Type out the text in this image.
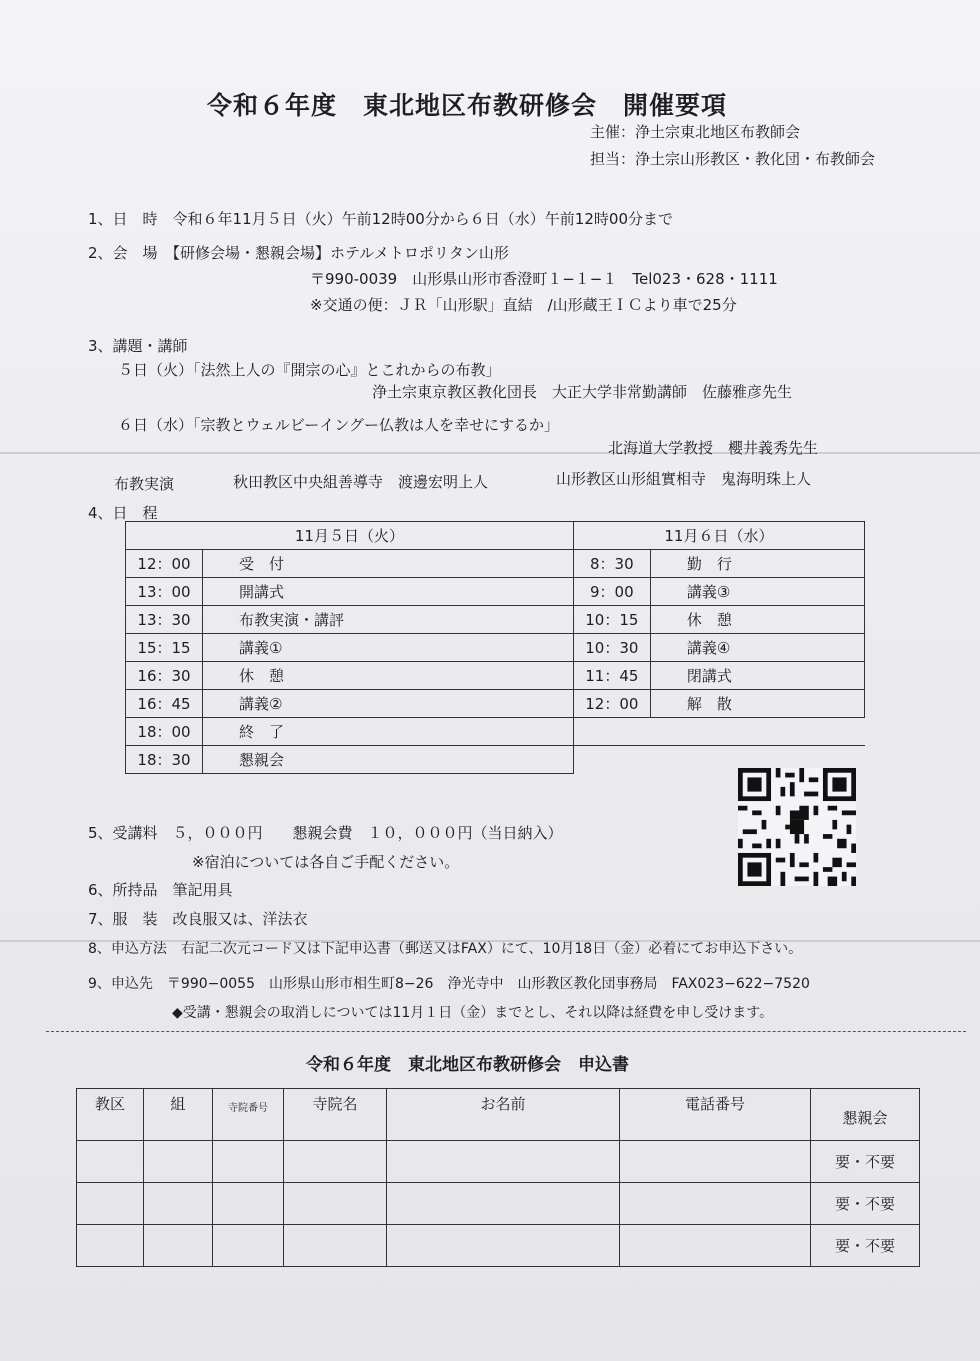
令和６年度　東北地区布教研修会　開催要項
主催：浄土宗東北地区布教師会
担当：浄土宗山形教区・教化団・布教師会
1、日　時　令和６年11月５日（火）午前12時00分から６日（水）午前12時00分まで
2、会　場　【研修会場・懇親会場】ホテルメトロポリタン山形
〒990-0039　山形県山形市香澄町１−１−１　Tel023・628・1111
※交通の便：ＪＲ「山形駅」直結　/山形蔵王ＩＣより車で25分
3、講題・講師
５日（火）「法然上人の『開宗の心』とこれからの布教」
浄土宗東京教区教化団長　大正大学非常勤講師　佐藤雅彦先生
６日（水）「宗教とウェルビーイングー仏教は人を幸せにするか」
北海道大学教授　櫻井義秀先生
布教実演	秋田教区中央組善導寺　渡邊宏明上人	山形教区山形組實相寺　鬼海明珠上人
4、日　程
11月５日（火）		11月６日（水）	
12：00	受　付	8：30	勤　行
13：00	開講式	9：00	講義③
13：30	布教実演・講評	10：15	休　憩
15：15	講義①	10：30	講義④
16：30	休　憩	11：45	閉講式
16：45	講義②	12：00	解　散
18：00	終　了		
18：30	懇親会		
5、受講料　５，０００円　　懇親会費　１０，０００円（当日納入）
※宿泊については各自ご手配ください。
6、所持品　筆記用具
7、服　装　改良服又は、洋法衣
8、申込方法　右記二次元コード又は下記申込書（郵送又はFAX）にて、10月18日（金）必着にてお申込下さい。
9、申込先　〒990−0055　山形県山形市相生町8−26　浄光寺中　山形教区教化団事務局　FAX023−622−7520
◆受講・懇親会の取消しについては11月１日（金）までとし、それ以降は経費を申し受けます。
令和６年度　東北地区布教研修会　申込書
教区	組	寺院番号	寺院名	お名前	電話番号	懇親会
						要・不要
						要・不要
						要・不要
